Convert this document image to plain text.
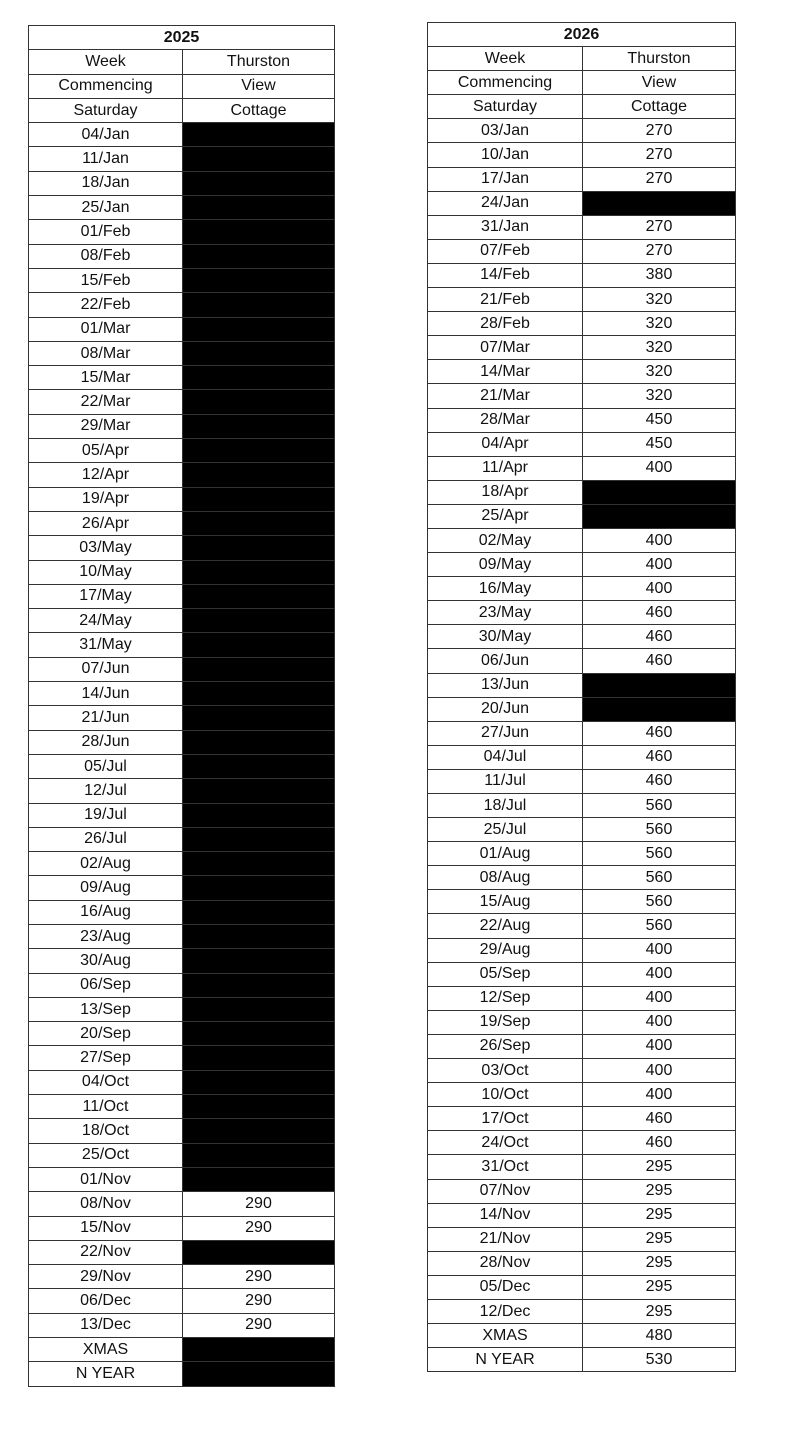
2025	
Week	Thurston
Commencing	View
Saturday	Cottage
04/Jan	
11/Jan	
18/Jan	
25/Jan	
01/Feb	
08/Feb	
15/Feb	
22/Feb	
01/Mar	
08/Mar	
15/Mar	
22/Mar	
29/Mar	
05/Apr	
12/Apr	
19/Apr	
26/Apr	
03/May	
10/May	
17/May	
24/May	
31/May	
07/Jun	
14/Jun	
21/Jun	
28/Jun	
05/Jul	
12/Jul	
19/Jul	
26/Jul	
02/Aug	
09/Aug	
16/Aug	
23/Aug	
30/Aug	
06/Sep	
13/Sep	
20/Sep	
27/Sep	
04/Oct	
11/Oct	
18/Oct	
25/Oct	
01/Nov	
08/Nov	290
15/Nov	290
22/Nov	
29/Nov	290
06/Dec	290
13/Dec	290
XMAS	
N YEAR	
2026	
Week	Thurston
Commencing	View
Saturday	Cottage
03/Jan	270
10/Jan	270
17/Jan	270
24/Jan	
31/Jan	270
07/Feb	270
14/Feb	380
21/Feb	320
28/Feb	320
07/Mar	320
14/Mar	320
21/Mar	320
28/Mar	450
04/Apr	450
11/Apr	400
18/Apr	
25/Apr	
02/May	400
09/May	400
16/May	400
23/May	460
30/May	460
06/Jun	460
13/Jun	
20/Jun	
27/Jun	460
04/Jul	460
11/Jul	460
18/Jul	560
25/Jul	560
01/Aug	560
08/Aug	560
15/Aug	560
22/Aug	560
29/Aug	400
05/Sep	400
12/Sep	400
19/Sep	400
26/Sep	400
03/Oct	400
10/Oct	400
17/Oct	460
24/Oct	460
31/Oct	295
07/Nov	295
14/Nov	295
21/Nov	295
28/Nov	295
05/Dec	295
12/Dec	295
XMAS	480
N YEAR	530
